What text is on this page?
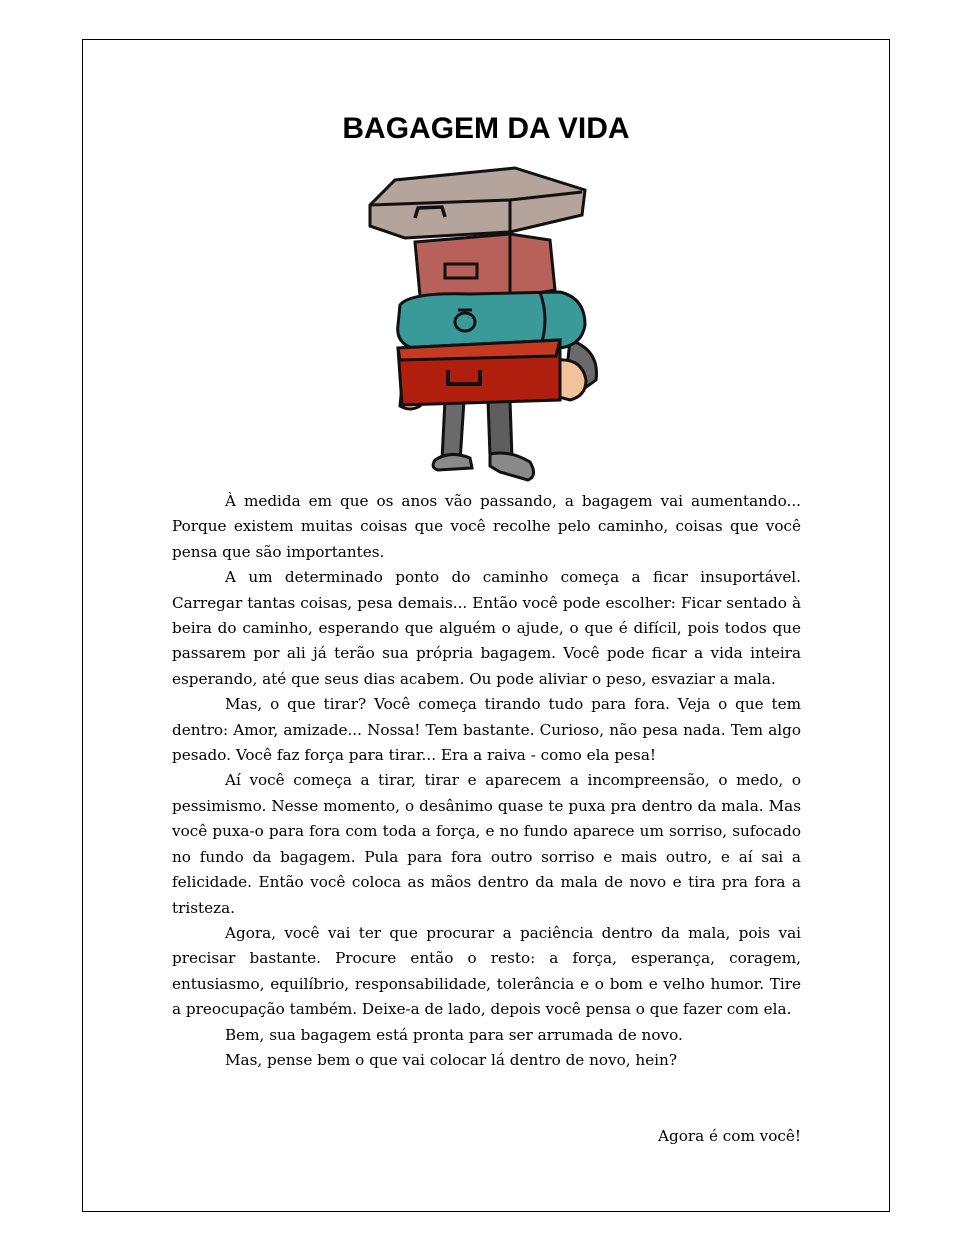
BAGAGEM DA VIDA

À medida em que os anos vão passando, a bagagem vai aumentando... Porque existem muitas coisas que você recolhe pelo caminho, coisas que você pensa que são importantes.

A um determinado ponto do caminho começa a ficar insuportável. Carregar tantas coisas, pesa demais... Então você pode escolher: Ficar sentado à beira do caminho, esperando que alguém o ajude, o que é difícil, pois todos que passarem por ali já terão sua própria bagagem. Você pode ficar a vida inteira esperando, até que seus dias acabem. Ou pode aliviar o peso, esvaziar a mala.

Mas, o que tirar? Você começa tirando tudo para fora. Veja o que tem dentro: Amor, amizade... Nossa! Tem bastante. Curioso, não pesa nada. Tem algo pesado. Você faz força para tirar... Era a raiva - como ela pesa!

Aí você começa a tirar, tirar e aparecem a incompreensão, o medo, o pessimismo. Nesse momento, o desânimo quase te puxa pra dentro da mala. Mas você puxa-o para fora com toda a força, e no fundo aparece um sorriso, sufocado no fundo da bagagem. Pula para fora outro sorriso e mais outro, e aí sai a felicidade. Então você coloca as mãos dentro da mala de novo e tira pra fora a tristeza.

Agora, você vai ter que procurar a paciência dentro da mala, pois vai precisar bastante. Procure então o resto: a força, esperança, coragem, entusiasmo, equilíbrio, responsabilidade, tolerância e o bom e velho humor. Tire a preocupação também. Deixe-a de lado, depois você pensa o que fazer com ela.

Bem, sua bagagem está pronta para ser arrumada de novo.

Mas, pense bem o que vai colocar lá dentro de novo, hein?

Agora é com você!
